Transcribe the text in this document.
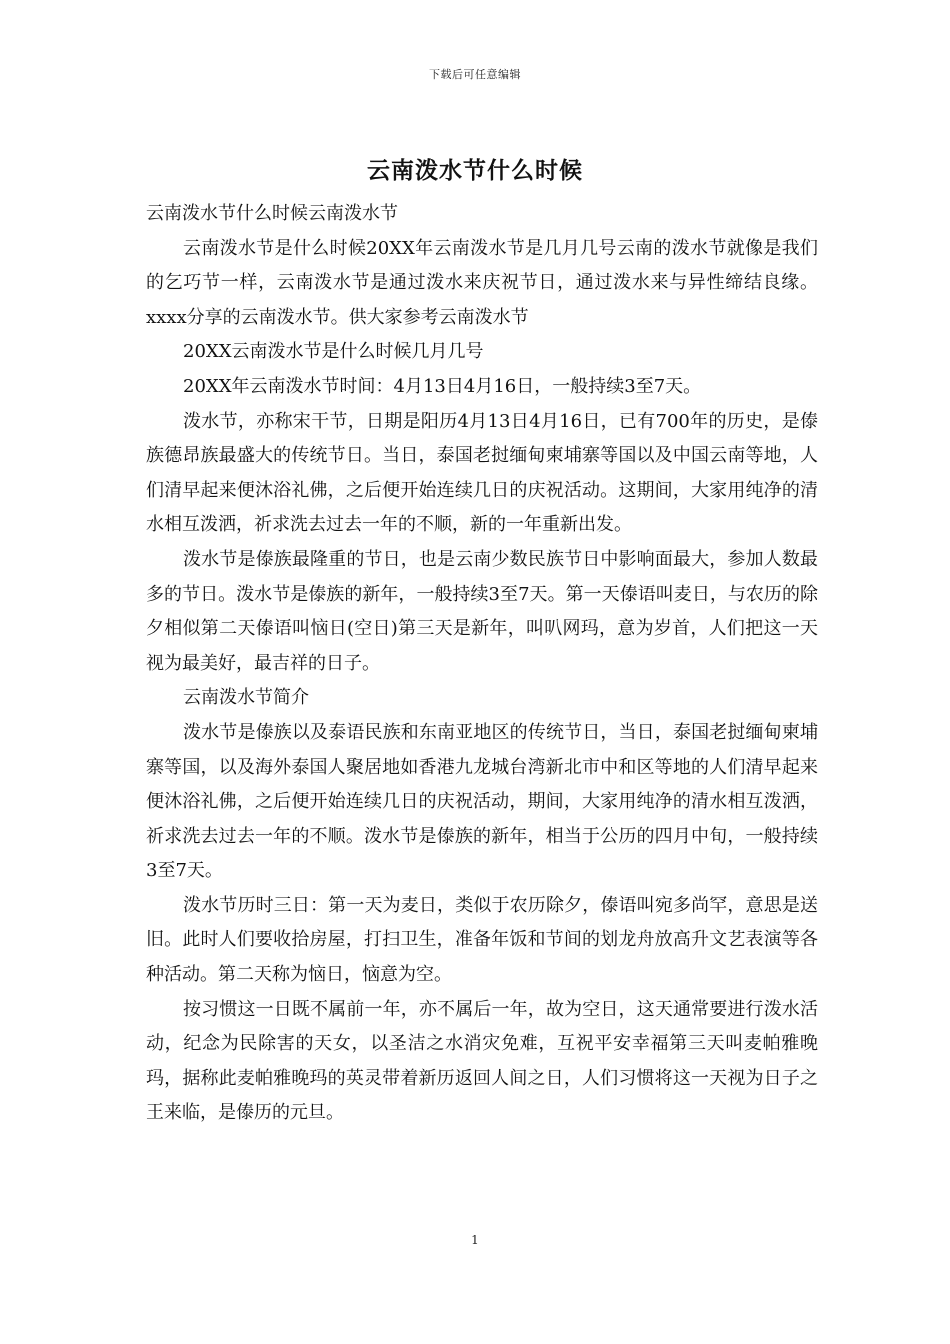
下载后可任意编辑
云南泼水节什么时候

云南泼水节什么时候云南泼水节

云南泼水节是什么时候20XX年云南泼水节是几月几号云南的泼水节就像是我们的乞巧节一样，云南泼水节是通过泼水来庆祝节日，通过泼水来与异性缔结良缘。xxxx分享的云南泼水节。供大家参考云南泼水节

20XX云南泼水节是什么时候几月几号

20XX年云南泼水节时间：4月13日4月16日，一般持续3至7天。

泼水节，亦称宋干节，日期是阳历4月13日4月16日，已有700年的历史，是傣族德昂族最盛大的传统节日。当日，泰国老挝缅甸柬埔寨等国以及中国云南等地，人们清早起来便沐浴礼佛，之后便开始连续几日的庆祝活动。这期间，大家用纯净的清水相互泼洒，祈求洗去过去一年的不顺，新的一年重新出发。

泼水节是傣族最隆重的节日，也是云南少数民族节日中影响面最大，参加人数最多的节日。泼水节是傣族的新年，一般持续3至7天。第一天傣语叫麦日，与农历的除夕相似第二天傣语叫恼日(空日)第三天是新年，叫叭网玛，意为岁首，人们把这一天视为最美好，最吉祥的日子。

云南泼水节简介

泼水节是傣族以及泰语民族和东南亚地区的传统节日，当日，泰国老挝缅甸柬埔寨等国，以及海外泰国人聚居地如香港九龙城台湾新北市中和区等地的人们清早起来便沐浴礼佛，之后便开始连续几日的庆祝活动，期间，大家用纯净的清水相互泼洒，祈求洗去过去一年的不顺。泼水节是傣族的新年，相当于公历的四月中旬，一般持续3至7天。

泼水节历时三日：第一天为麦日，类似于农历除夕，傣语叫宛多尚罕，意思是送旧。此时人们要收拾房屋，打扫卫生，准备年饭和节间的划龙舟放高升文艺表演等各种活动。第二天称为恼日，恼意为空。

按习惯这一日既不属前一年，亦不属后一年，故为空日，这天通常要进行泼水活动，纪念为民除害的天女，以圣洁之水消灾免难，互祝平安幸福第三天叫麦帕雅晚玛，据称此麦帕雅晚玛的英灵带着新历返回人间之日，人们习惯将这一天视为日子之王来临，是傣历的元旦。

1
